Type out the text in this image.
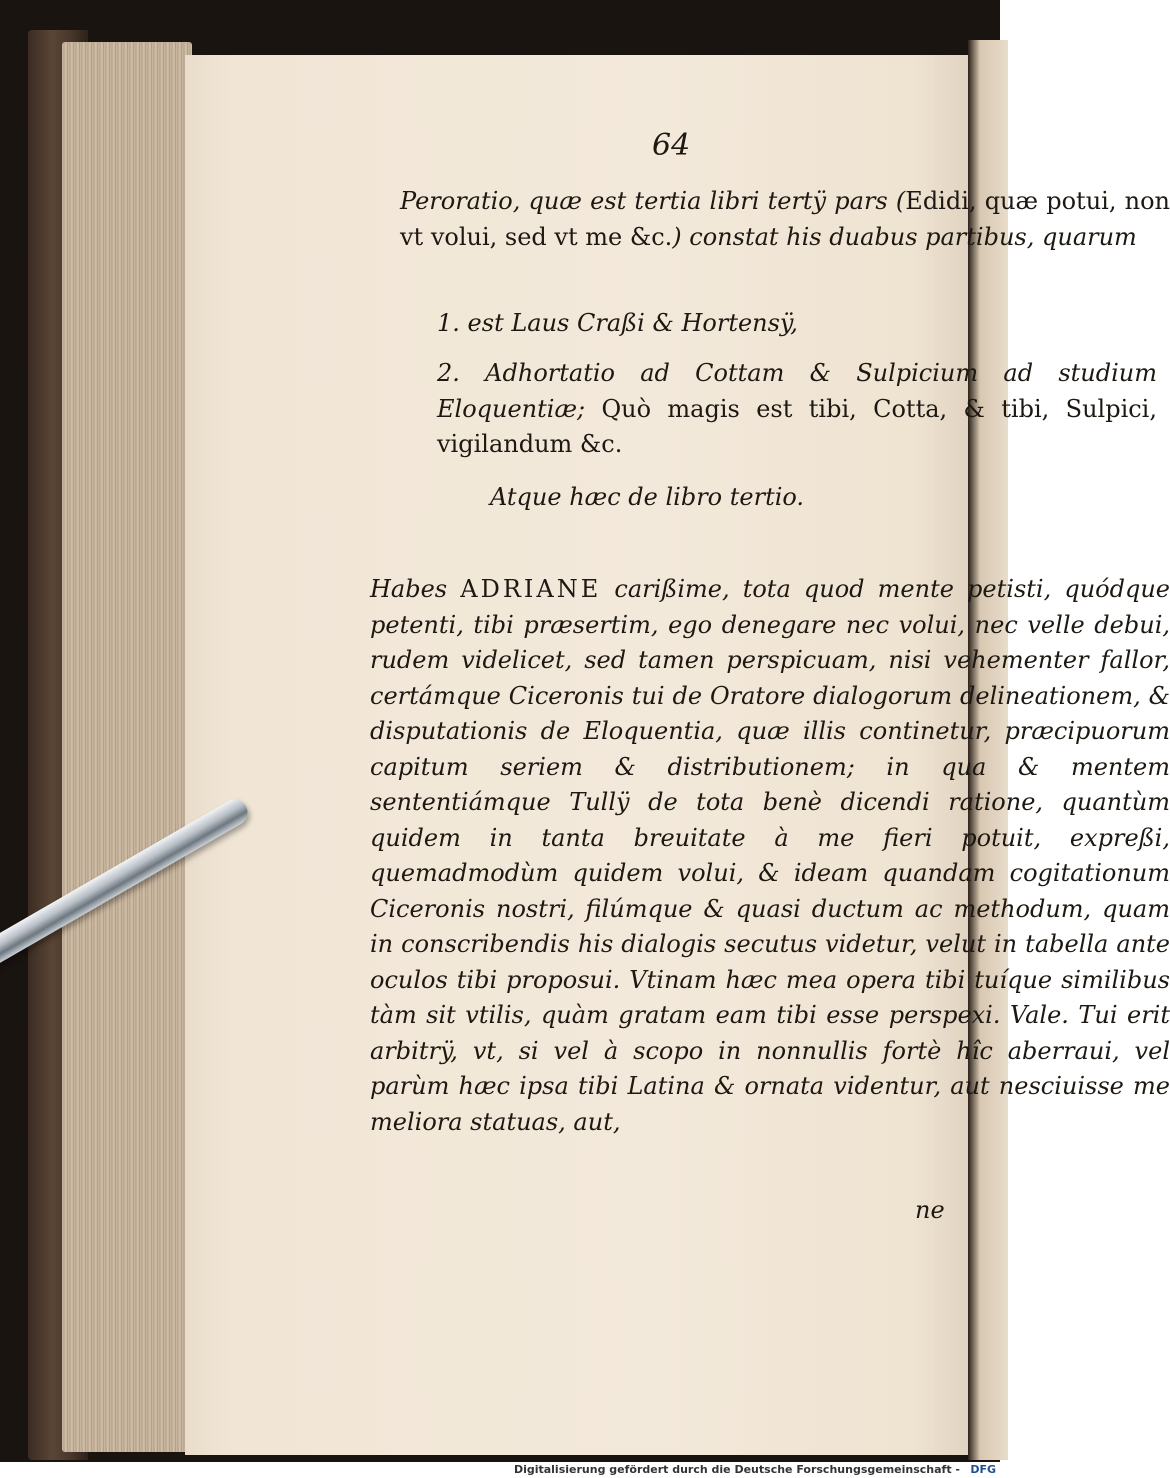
64

Peroratio, quæ est tertia libri tertÿ pars (Edidi, quæ potui, non vt volui, sed vt me &c.) constat his duabus partibus, quarum

1. est Laus Craßi & Hortensÿ,
2. Adhortatio ad Cottam & Sulpicium ad studium Eloquentiæ; Quò magis est tibi, Cotta, & tibi, Sulpici, vigilandum &c.
Atque hæc de libro tertio.

Habes ADRIANE carißime, tota quod mente petisti, quódque petenti, tibi præsertim, ego denegare nec volui, nec velle debui, rudem videlicet, sed tamen perspicuam, nisi vehementer fallor, certámque Ciceronis tui de Oratore dialogorum delineationem, & disputationis de Eloquentia, quæ illis continetur, præcipuorum capitum seriem & distributionem; in qua & mentem sententiámque Tullÿ de tota benè dicendi ratione, quantùm quidem in tanta breuitate à me fieri potuit, expreßi, quemadmodùm quidem volui, & ideam quandam cogitationum Ciceronis nostri, filúmque & quasi ductum ac methodum, quam in conscribendis his dialogis secutus videtur, velut in tabella ante oculos tibi proposui. Vtinam hæc mea opera tibi tuíque similibus tàm sit vtilis, quàm gratam eam tibi esse perspexi. Vale. Tui erit arbitrÿ, vt, si vel à scopo in nonnullis fortè hîc aberraui, vel parùm hæc ipsa tibi Latina & ornata videntur, aut nesciuisse me meliora statuas, aut,

ne
Digitalisierung gefördert durch die Deutsche Forschungsgemeinschaft - DFG
